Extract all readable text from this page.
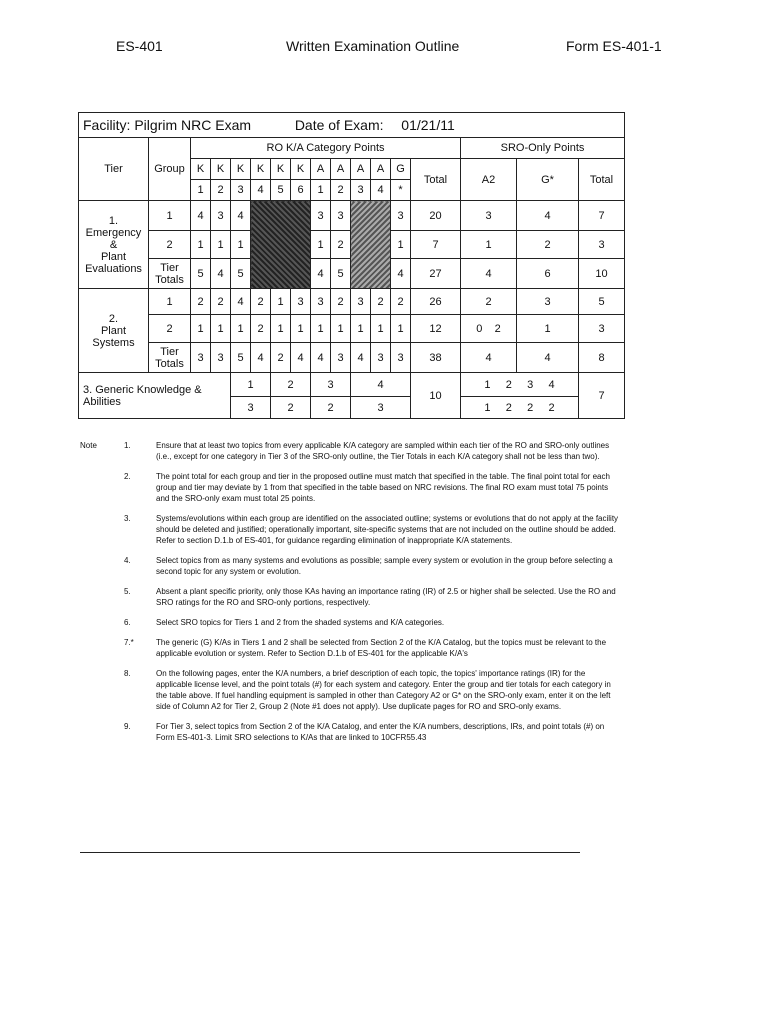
ES-401	Written Examination Outline	Form ES-401-1
Facility: Pilgrim NRC Exam Date of Exam: 01/21/11																
Tier	Group	RO K/A Category Points												SRO-Only Points		
		K	K	K	K	K	K	A	A	A	A	G	Total	A2	G*	Total
		1	2	3	4	5	6	1	2	3	4	*				
1.
Emergency
&
Plant
Evaluations	1	4	3	4				3	3			3	20	3	4	7
	2	1	1	1				1	2			1	7	1	2	3
	Tier
Totals	5	4	5				4	5			4	27	4	6	10
2.
Plant
Systems	1	2	2	4	2	1	3	3	2	3	2	2	26	2	3	5
	2	1	1	1	2	1	1	1	1	1	1	1	12	0    2	1	3
	Tier
Totals	3	3	5	4	2	4	4	3	4	3	3	38	4	4	8
3. Generic Knowledge & Abilities				1		2		3		4			10	1 2 3 4		7
				3		2		2		3				1 2 2 2		
Note	1.	Ensure that at least two topics from every applicable K/A category are sampled within each tier of the RO and SRO-only outlines (i.e., except for one category in Tier 3 of the SRO-only outline, the Tier Totals in each K/A category shall not be less than two).
2.	The point total for each group and tier in the proposed outline must match that specified in the table. The final point total for each group and tier may deviate by 1 from that specified in the table based on NRC revisions. The final RO exam must total 75 points and the SRO-only exam must total 25 points.
3.	Systems/evolutions within each group are identified on the associated outline; systems or evolutions that do not apply at the facility should be deleted and justified; operationally important, site-specific systems that are not included on the outline should be added. Refer to section D.1.b of ES-401, for guidance regarding elimination of inappropriate K/A statements.
4.	Select topics from as many systems and evolutions as possible; sample every system or evolution in the group before selecting a second topic for any system or evolution.
5.	Absent a plant specific priority, only those KAs having an importance rating (IR) of 2.5 or higher shall be selected. Use the RO and SRO ratings for the RO and SRO-only portions, respectively.
6.	Select SRO topics for Tiers 1 and 2 from the shaded systems and K/A categories.
7.*	The generic (G) K/As in Tiers 1 and 2 shall be selected from Section 2 of the K/A Catalog, but the topics must be relevant to the applicable evolution or system. Refer to Section D.1.b of ES-401 for the applicable K/A's
8.	On the following pages, enter the K/A numbers, a brief description of each topic, the topics' importance ratings (IR) for the applicable license level, and the point totals (#) for each system and category. Enter the group and tier totals for each category in the table above. If fuel handling equipment is sampled in other than Category A2 or G* on the SRO-only exam, enter it on the left side of Column A2 for Tier 2, Group 2 (Note #1 does not apply). Use duplicate pages for RO and SRO-only exams.
9.	For Tier 3, select topics from Section 2 of the K/A Catalog, and enter the K/A numbers, descriptions, IRs, and point totals (#) on Form ES-401-3. Limit SRO selections to K/As that are linked to 10CFR55.43
